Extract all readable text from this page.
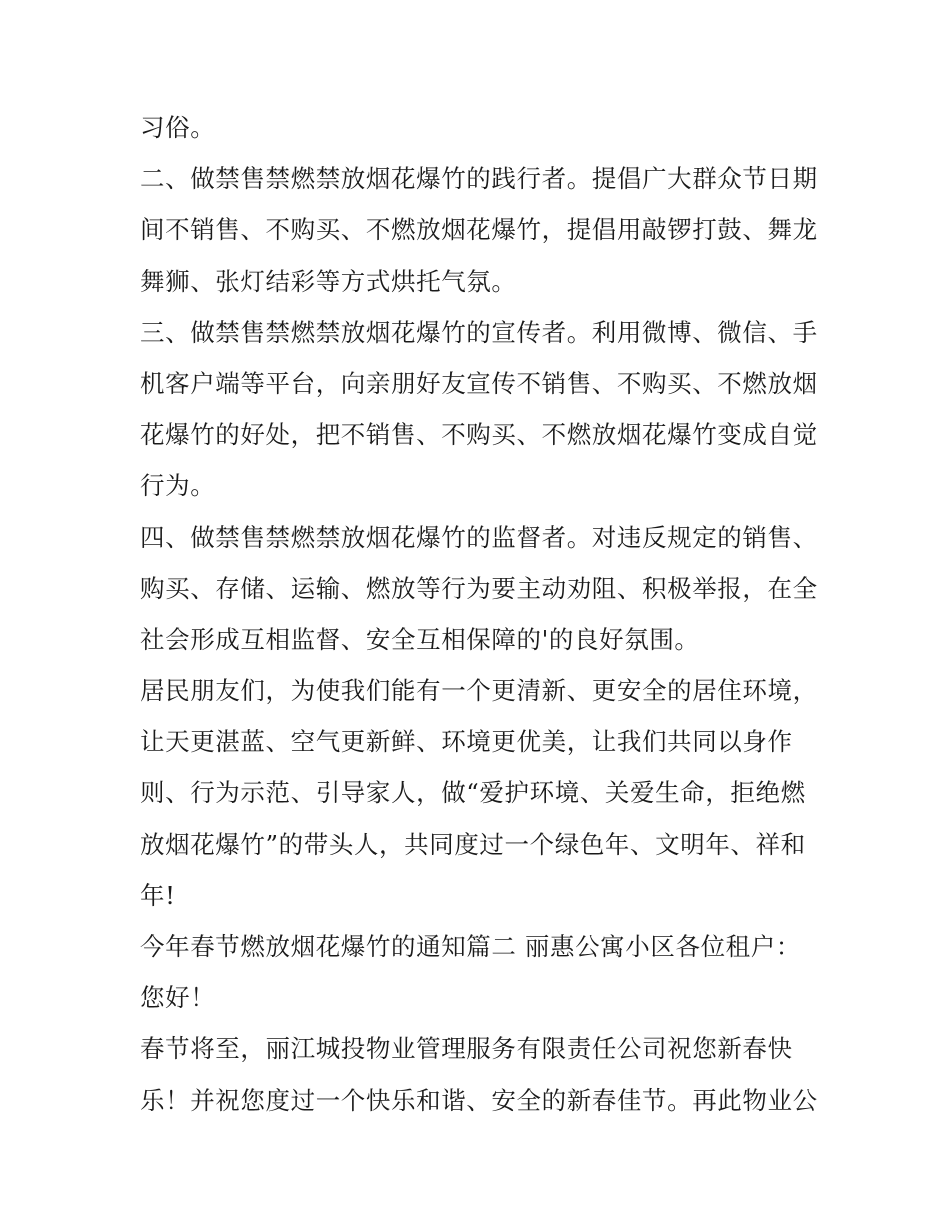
习俗。
二、做禁售禁燃禁放烟花爆竹的践行者。提倡广大群众节日期
间不销售、不购买、不燃放烟花爆竹，提倡用敲锣打鼓、舞龙
舞狮、张灯结彩等方式烘托气氛。
三、做禁售禁燃禁放烟花爆竹的宣传者。利用微博、微信、手
机客户端等平台，向亲朋好友宣传不销售、不购买、不燃放烟
花爆竹的好处，把不销售、不购买、不燃放烟花爆竹变成自觉
行为。
四、做禁售禁燃禁放烟花爆竹的监督者。对违反规定的销售、
购买、存储、运输、燃放等行为要主动劝阻、积极举报，在全
社会形成互相监督、安全互相保障的'的良好氛围。
居民朋友们，为使我们能有一个更清新、更安全的居住环境，
让天更湛蓝、空气更新鲜、环境更优美，让我们共同以身作
则、行为示范、引导家人，做“爱护环境、关爱生命，拒绝燃
放烟花爆竹”的带头人，共同度过一个绿色年、文明年、祥和
年!
今年春节燃放烟花爆竹的通知篇二 丽惠公寓小区各位租户：
您好！
春节将至，丽江城投物业管理服务有限责任公司祝您新春快
乐！并祝您度过一个快乐和谐、安全的新春佳节。再此物业公
